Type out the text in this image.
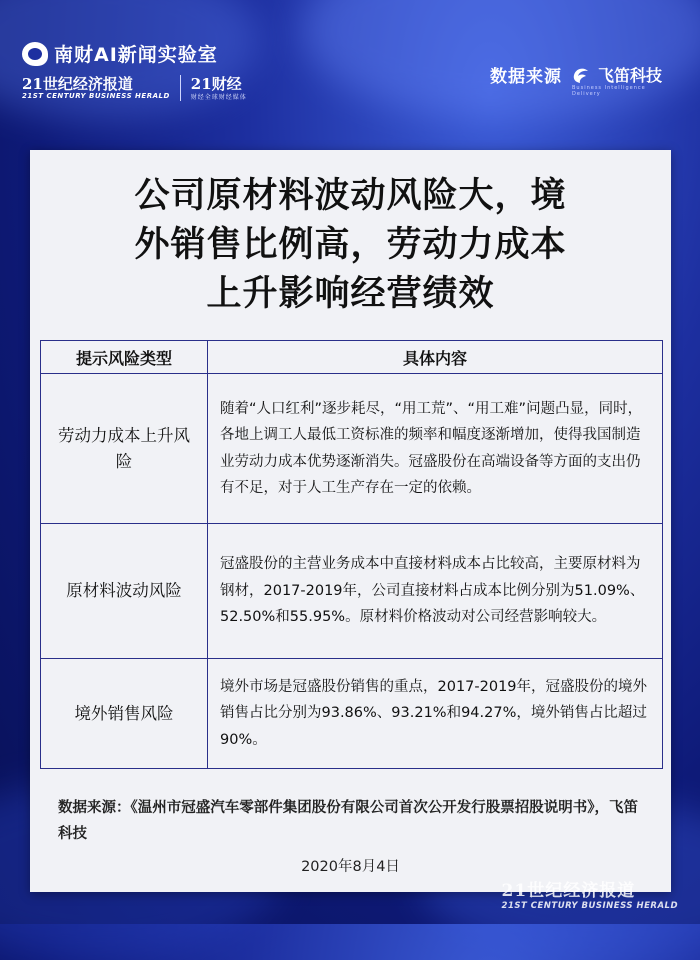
南财AI新闻实验室
21世纪经济报道
21ST CENTURY BUSINESS HERALD
21财经
财经全球财经媒体
数据来源 飞笛科技
Business Intelligence Delivery
公司原材料波动风险大，境
外销售比例高，劳动力成本
上升影响经营绩效
提示风险类型	具体内容
劳动力成本上升风险	随着“人口红利”逐步耗尽，“用工荒”、“用工难”问题凸显，同时，各地上调工人最低工资标准的频率和幅度逐渐增加，使得我国制造业劳动力成本优势逐渐消失。冠盛股份在高端设备等方面的支出仍有不足，对于人工生产存在一定的依赖。
原材料波动风险	冠盛股份的主营业务成本中直接材料成本占比较高，主要原材料为钢材，2017-2019年，公司直接材料占成本比例分别为51.09%、52.50%和55.95%。原材料价格波动对公司经营影响较大。
境外销售风险	境外市场是冠盛股份销售的重点，2017-2019年，冠盛股份的境外销售占比分别为93.86%、93.21%和94.27%，境外销售占比超过90%。
数据来源：《温州市冠盛汽车零部件集团股份有限公司首次公开发行股票招股说明书》，飞笛科技
2020年8月4日
21世纪经济报道
21ST CENTURY BUSINESS HERALD
